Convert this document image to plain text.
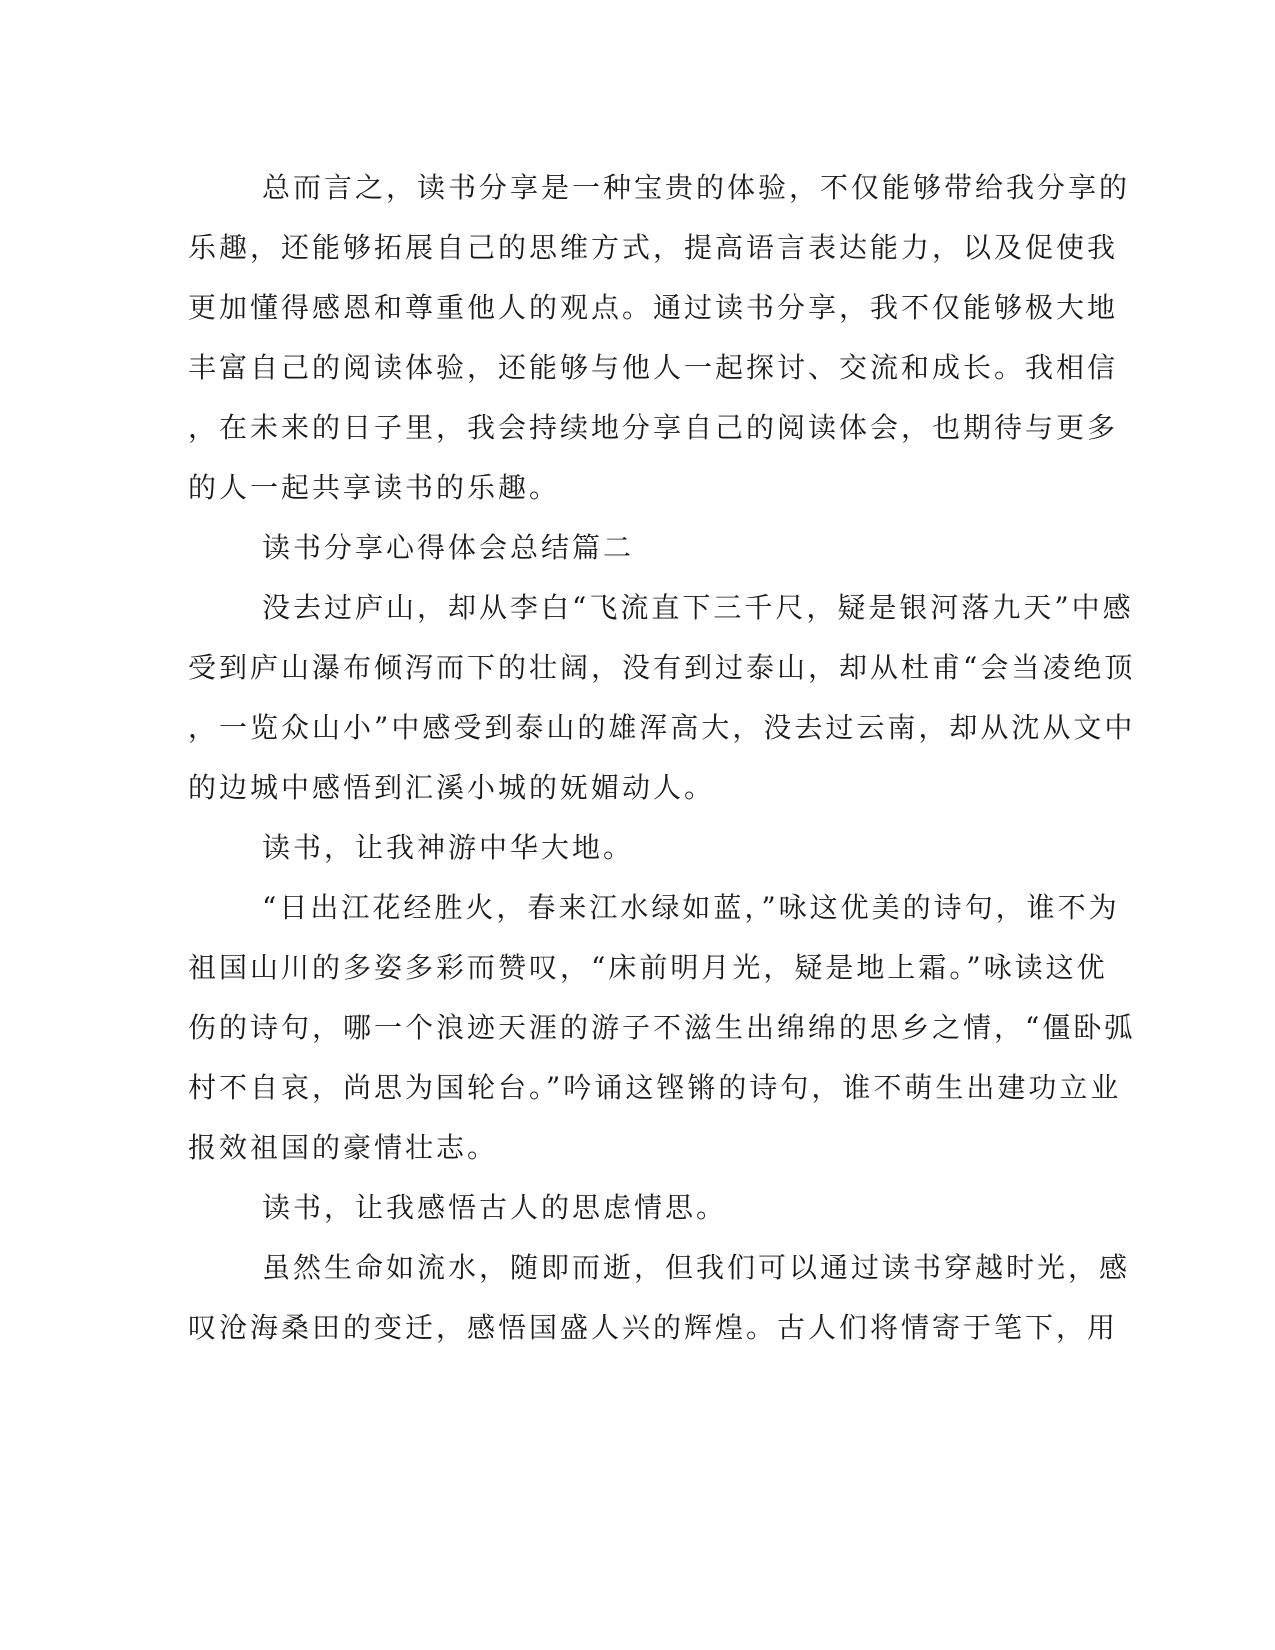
总而言之，读书分享是一种宝贵的体验，不仅能够带给我分享的
乐趣，还能够拓展自己的思维方式，提高语言表达能力，以及促使我
更加懂得感恩和尊重他人的观点。通过读书分享，我不仅能够极大地
丰富自己的阅读体验，还能够与他人一起探讨、交流和成长。我相信
，在未来的日子里，我会持续地分享自己的阅读体会，也期待与更多
的人一起共享读书的乐趣。
读书分享心得体会总结篇二
没去过庐山，却从李白“飞流直下三千尺，疑是银河落九天”中感
受到庐山瀑布倾泻而下的壮阔，没有到过泰山，却从杜甫“会当凌绝顶
，一览众山小”中感受到泰山的雄浑高大，没去过云南，却从沈从文中
的边城中感悟到汇溪小城的妩媚动人。
读书，让我神游中华大地。
“日出江花经胜火，春来江水绿如蓝，”咏这优美的诗句，谁不为
祖国山川的多姿多彩而赞叹，“床前明月光，疑是地上霜。”咏读这优
伤的诗句，哪一个浪迹天涯的游子不滋生出绵绵的思乡之情，“僵卧弧
村不自哀，尚思为国轮台。”吟诵这铿锵的诗句，谁不萌生出建功立业
报效祖国的豪情壮志。
读书，让我感悟古人的思虑情思。
虽然生命如流水，随即而逝，但我们可以通过读书穿越时光，感
叹沧海桑田的变迁，感悟国盛人兴的辉煌。古人们将情寄于笔下，用
